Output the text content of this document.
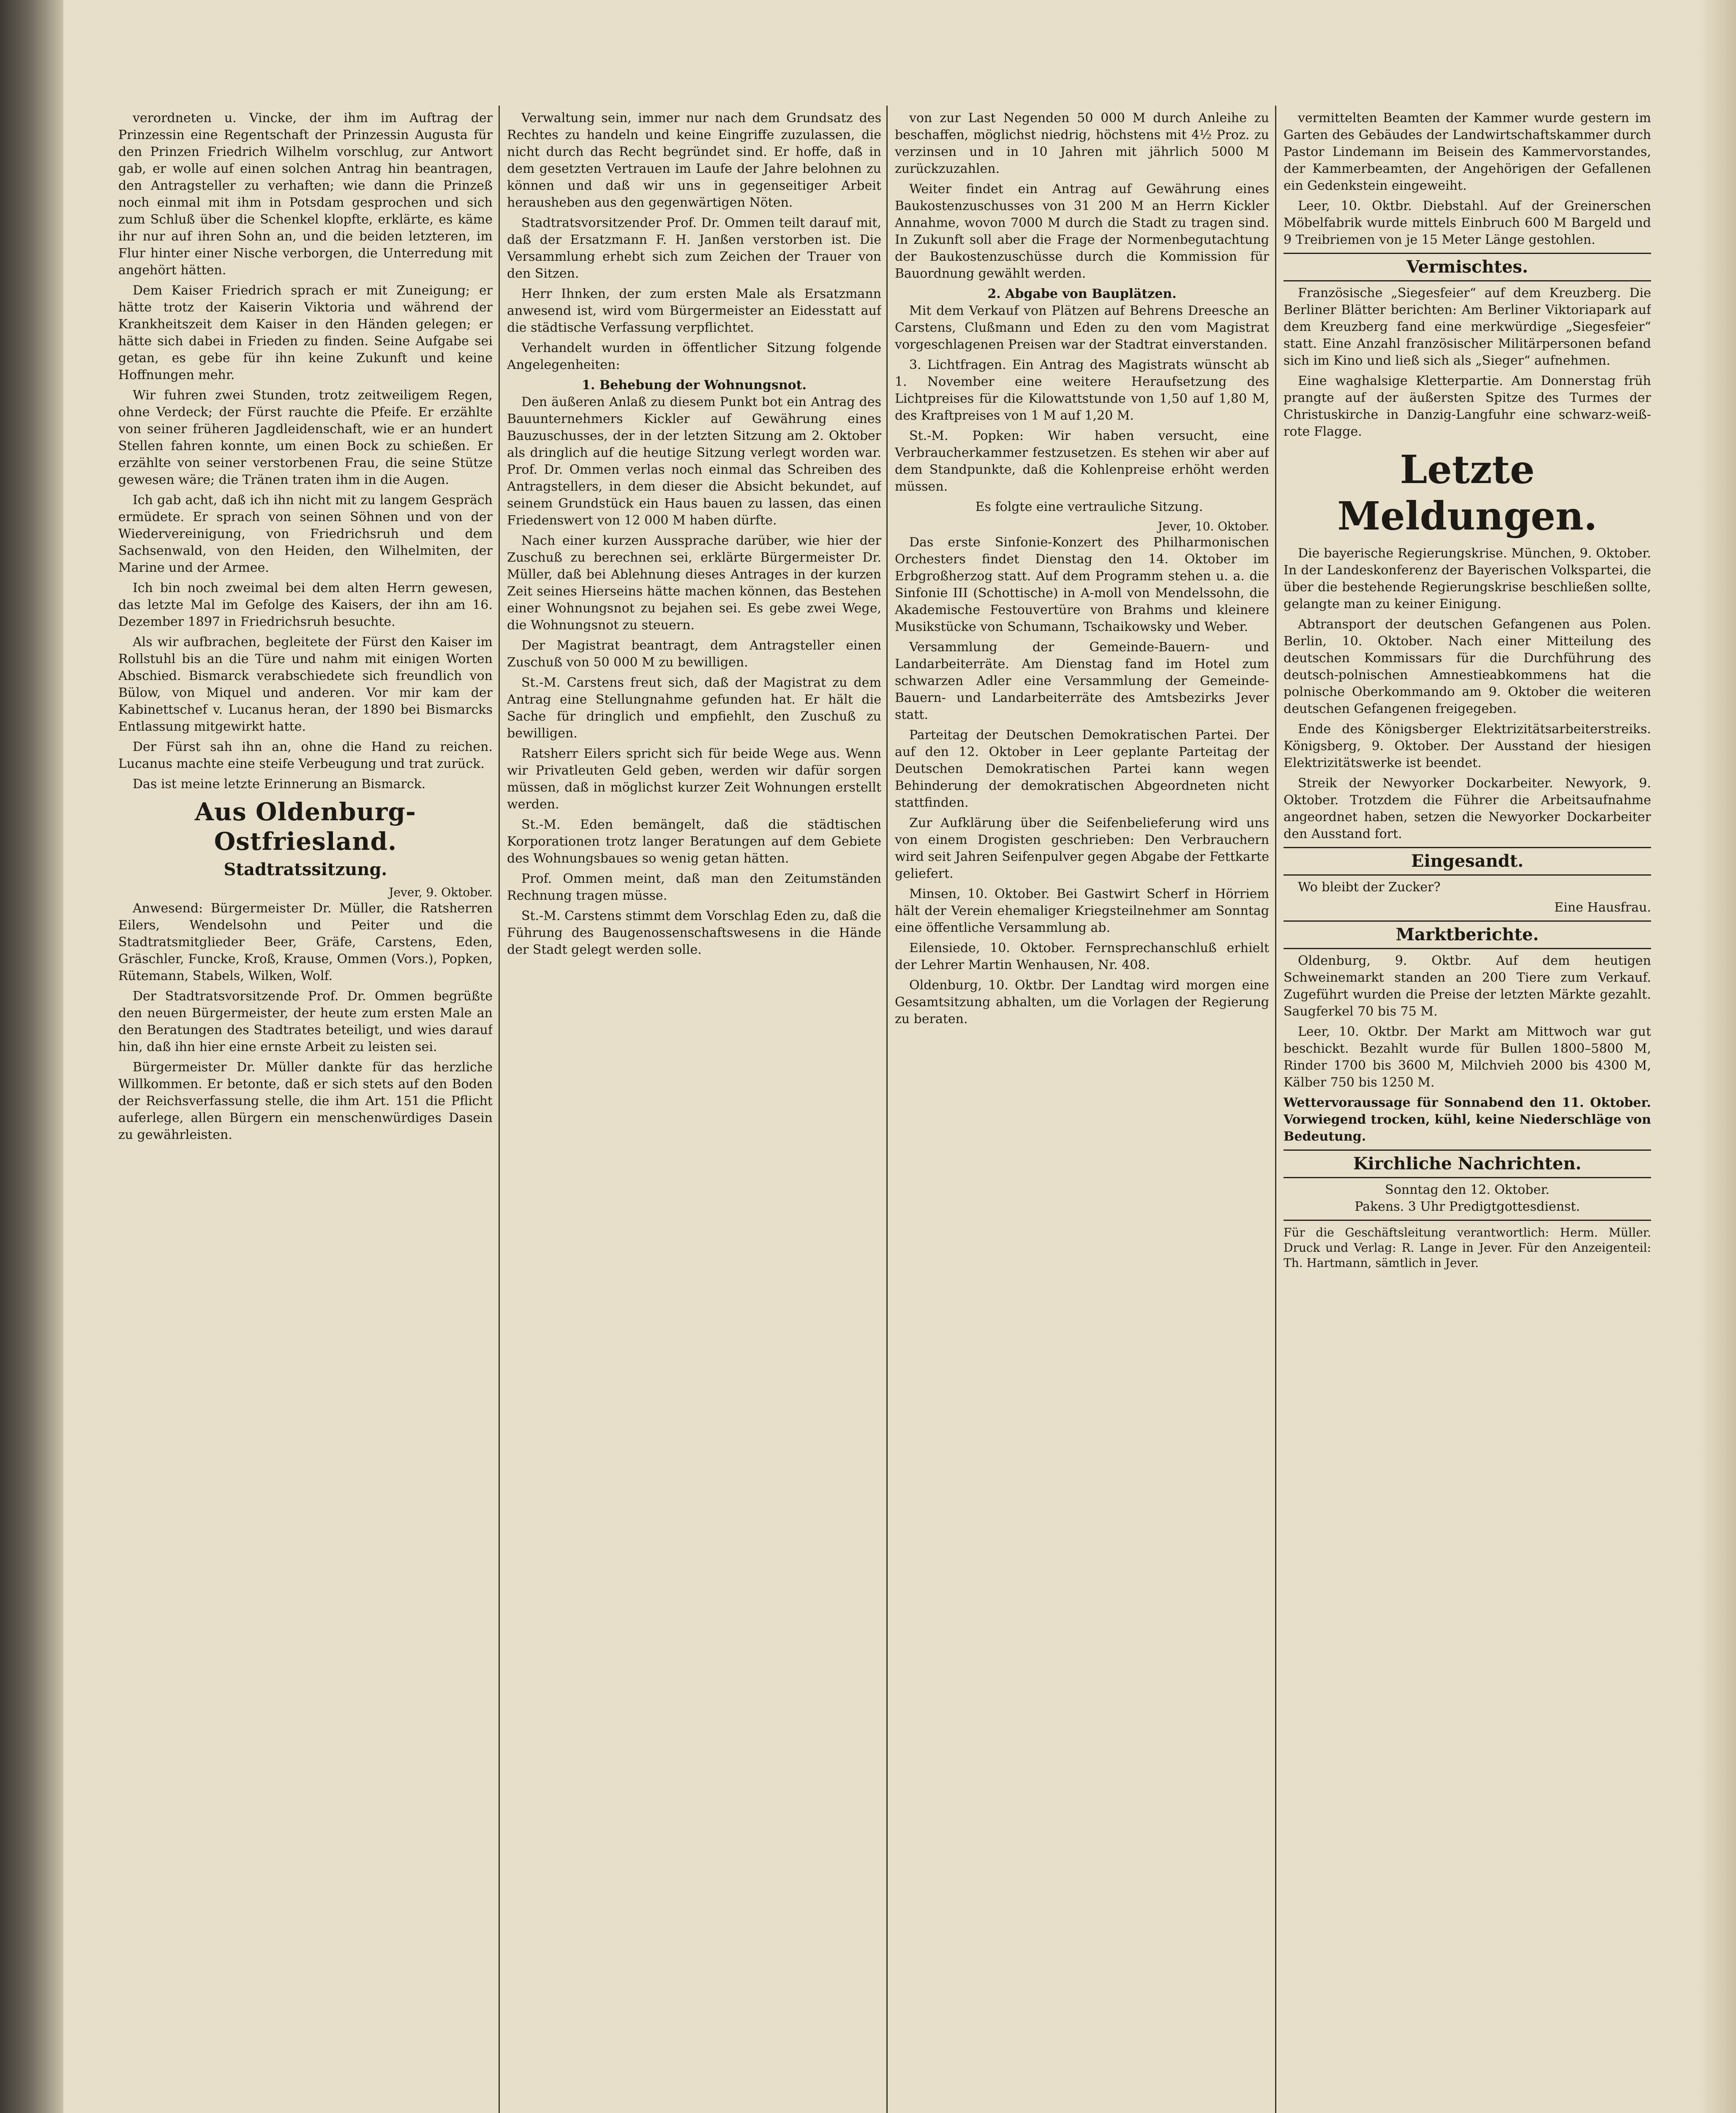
verordneten u. Vincke, der ihm im Auftrag der Prinzessin eine Regentschaft der Prinzessin Augusta für den Prinzen Friedrich Wilhelm vorschlug, zur Antwort gab, er wolle auf einen solchen Antrag hin beantragen, den Antragsteller zu verhaften; wie dann die Prinzeß noch einmal mit ihm in Potsdam gesprochen und sich zum Schluß über die Schenkel klopfte, erklärte, es käme ihr nur auf ihren Sohn an, und die beiden letzteren, im Flur hinter einer Nische verborgen, die Unterredung mit angehört hätten.

Dem Kaiser Friedrich sprach er mit Zuneigung; er hätte trotz der Kaiserin Viktoria und während der Krankheitszeit dem Kaiser in den Händen gelegen; er hätte sich dabei in Frieden zu finden. Seine Aufgabe sei getan, es gebe für ihn keine Zukunft und keine Hoffnungen mehr.

Wir fuhren zwei Stunden, trotz zeitweiligem Regen, ohne Verdeck; der Fürst rauchte die Pfeife. Er erzählte von seiner früheren Jagdleidenschaft, wie er an hundert Stellen fahren konnte, um einen Bock zu schießen. Er erzählte von seiner verstorbenen Frau, die seine Stütze gewesen wäre; die Tränen traten ihm in die Augen.

Ich gab acht, daß ich ihn nicht mit zu langem Gespräch ermüdete. Er sprach von seinen Söhnen und von der Wiedervereinigung, von Friedrichsruh und dem Sachsenwald, von den Heiden, den Wilhelmiten, der Marine und der Armee.

Ich bin noch zweimal bei dem alten Herrn gewesen, das letzte Mal im Gefolge des Kaisers, der ihn am 16. Dezember 1897 in Friedrichsruh besuchte.

Als wir aufbrachen, begleitete der Fürst den Kaiser im Rollstuhl bis an die Türe und nahm mit einigen Worten Abschied. Bismarck verabschiedete sich freundlich von Bülow, von Miquel und anderen. Vor mir kam der Kabinettschef v. Lucanus heran, der 1890 bei Bismarcks Entlassung mitgewirkt hatte.

Der Fürst sah ihn an, ohne die Hand zu reichen. Lucanus machte eine steife Verbeugung und trat zurück.

Das ist meine letzte Erinnerung an Bismarck.

Aus Oldenburg-Ostfriesland.
Stadtratssitzung.
Jever, 9. Oktober.

Anwesend: Bürgermeister Dr. Müller, die Ratsherren Eilers, Wendelsohn und Peiter und die Stadtratsmitglieder Beer, Gräfe, Carstens, Eden, Gräschler, Funcke, Kroß, Krause, Ommen (Vors.), Popken, Rütemann, Stabels, Wilken, Wolf.

Der Stadtratsvorsitzende Prof. Dr. Ommen begrüßte den neuen Bürgermeister, der heute zum ersten Male an den Beratungen des Stadtrates beteiligt, und wies darauf hin, daß ihn hier eine ernste Arbeit zu leisten sei.

Bürgermeister Dr. Müller dankte für das herzliche Willkommen. Er betonte, daß er sich stets auf den Boden der Reichsverfassung stelle, die ihm Art. 151 die Pflicht auferlege, allen Bürgern ein menschenwürdiges Dasein zu gewährleisten.

Verwaltung sein, immer nur nach dem Grundsatz des Rechtes zu handeln und keine Eingriffe zuzulassen, die nicht durch das Recht begründet sind. Er hoffe, daß in dem gesetzten Vertrauen im Laufe der Jahre belohnen zu können und daß wir uns in gegenseitiger Arbeit herausheben aus den gegenwärtigen Nöten.

Stadtratsvorsitzender Prof. Dr. Ommen teilt darauf mit, daß der Ersatzmann F. H. Janßen verstorben ist. Die Versammlung erhebt sich zum Zeichen der Trauer von den Sitzen.

Herr Ihnken, der zum ersten Male als Ersatzmann anwesend ist, wird vom Bürgermeister an Eidesstatt auf die städtische Verfassung verpflichtet.

Verhandelt wurden in öffentlicher Sitzung folgende Angelegenheiten:

1. Behebung der Wohnungsnot.

Den äußeren Anlaß zu diesem Punkt bot ein Antrag des Bauunternehmers Kickler auf Gewährung eines Bauzuschusses, der in der letzten Sitzung am 2. Oktober als dringlich auf die heutige Sitzung verlegt worden war. Prof. Dr. Ommen verlas noch einmal das Schreiben des Antragstellers, in dem dieser die Absicht bekundet, auf seinem Grundstück ein Haus bauen zu lassen, das einen Friedenswert von 12 000 M haben dürfte.

Nach einer kurzen Aussprache darüber, wie hier der Zuschuß zu berechnen sei, erklärte Bürgermeister Dr. Müller, daß bei Ablehnung dieses Antrages in der kurzen Zeit seines Hierseins hätte machen können, das Bestehen einer Wohnungsnot zu bejahen sei. Es gebe zwei Wege, die Wohnungsnot zu steuern.

Der Magistrat beantragt, dem Antragsteller einen Zuschuß von 50 000 M zu bewilligen.

St.-M. Carstens freut sich, daß der Magistrat zu dem Antrag eine Stellungnahme gefunden hat. Er hält die Sache für dringlich und empfiehlt, den Zuschuß zu bewilligen.

Ratsherr Eilers spricht sich für beide Wege aus. Wenn wir Privatleuten Geld geben, werden wir dafür sorgen müssen, daß in möglichst kurzer Zeit Wohnungen erstellt werden.

St.-M. Eden bemängelt, daß die städtischen Korporationen trotz langer Beratungen auf dem Gebiete des Wohnungsbaues so wenig getan hätten.

Prof. Ommen meint, daß man den Zeitumständen Rechnung tragen müsse.

St.-M. Carstens stimmt dem Vorschlag Eden zu, daß die Führung des Baugenossenschaftswesens in die Hände der Stadt gelegt werden solle.

von zur Last Negenden 50 000 M durch Anleihe zu beschaffen, möglichst niedrig, höchstens mit 4½ Proz. zu verzinsen und in 10 Jahren mit jährlich 5000 M zurückzuzahlen.

Weiter findet ein Antrag auf Gewährung eines Baukostenzuschusses von 31 200 M an Herrn Kickler Annahme, wovon 7000 M durch die Stadt zu tragen sind. In Zukunft soll aber die Frage der Normenbegutachtung der Baukostenzuschüsse durch die Kommission für Bauordnung gewählt werden.

2. Abgabe von Bauplätzen.

Mit dem Verkauf von Plätzen auf Behrens Dreesche an Carstens, Clußmann und Eden zu den vom Magistrat vorgeschlagenen Preisen war der Stadtrat einverstanden.

3. Lichtfragen. Ein Antrag des Magistrats wünscht ab 1. November eine weitere Heraufsetzung des Lichtpreises für die Kilowattstunde von 1,50 auf 1,80 M, des Kraftpreises von 1 M auf 1,20 M.

St.-M. Popken: Wir haben versucht, eine Verbraucherkammer festzusetzen. Es stehen wir aber auf dem Standpunkte, daß die Kohlenpreise erhöht werden müssen.

Es folgte eine vertrauliche Sitzung.

Jever, 10. Oktober.

Das erste Sinfonie-Konzert des Philharmonischen Orchesters findet Dienstag den 14. Oktober im Erbgroßherzog statt. Auf dem Programm stehen u. a. die Sinfonie III (Schottische) in A-moll von Mendelssohn, die Akademische Festouvertüre von Brahms und kleinere Musikstücke von Schumann, Tschaikowsky und Weber.

Versammlung der Gemeinde-Bauern- und Landarbeiterräte. Am Dienstag fand im Hotel zum schwarzen Adler eine Versammlung der Gemeinde-Bauern- und Landarbeiterräte des Amtsbezirks Jever statt.

Parteitag der Deutschen Demokratischen Partei. Der auf den 12. Oktober in Leer geplante Parteitag der Deutschen Demokratischen Partei kann wegen Behinderung der demokratischen Abgeordneten nicht stattfinden.

Zur Aufklärung über die Seifenbelieferung wird uns von einem Drogisten geschrieben: Den Verbrauchern wird seit Jahren Seifenpulver gegen Abgabe der Fettkarte geliefert.

Minsen, 10. Oktober. Bei Gastwirt Scherf in Hörriem hält der Verein ehemaliger Kriegsteilnehmer am Sonntag eine öffentliche Versammlung ab.

Eilensiede, 10. Oktober. Fernsprechanschluß erhielt der Lehrer Martin Wenhausen, Nr. 408.

Oldenburg, 10. Oktbr. Der Landtag wird morgen eine Gesamtsitzung abhalten, um die Vorlagen der Regierung zu beraten.

vermittelten Beamten der Kammer wurde gestern im Garten des Gebäudes der Landwirtschaftskammer durch Pastor Lindemann im Beisein des Kammervorstandes, der Kammerbeamten, der Angehörigen der Gefallenen ein Gedenkstein eingeweiht.

Leer, 10. Oktbr. Diebstahl. Auf der Greinerschen Möbelfabrik wurde mittels Einbruch 600 M Bargeld und 9 Treibriemen von je 15 Meter Länge gestohlen.

Vermischtes.

Französische „Siegesfeier“ auf dem Kreuzberg. Die Berliner Blätter berichten: Am Berliner Viktoriapark auf dem Kreuzberg fand eine merkwürdige „Siegesfeier“ statt. Eine Anzahl französischer Militärpersonen befand sich im Kino und ließ sich als „Sieger“ aufnehmen.

Eine waghalsige Kletterpartie. Am Donnerstag früh prangte auf der äußersten Spitze des Turmes der Christuskirche in Danzig-Langfuhr eine schwarz-weiß-rote Flagge.

Letzte Meldungen.

Die bayerische Regierungskrise. München, 9. Oktober. In der Landeskonferenz der Bayerischen Volkspartei, die über die bestehende Regierungskrise beschließen sollte, gelangte man zu keiner Einigung.

Abtransport der deutschen Gefangenen aus Polen. Berlin, 10. Oktober. Nach einer Mitteilung des deutschen Kommissars für die Durchführung des deutsch-polnischen Amnestieabkommens hat die polnische Oberkommando am 9. Oktober die weiteren deutschen Gefangenen freigegeben.

Ende des Königsberger Elektrizitätsarbeiterstreiks. Königsberg, 9. Oktober. Der Ausstand der hiesigen Elektrizitätswerke ist beendet.

Streik der Newyorker Dockarbeiter. Newyork, 9. Oktober. Trotzdem die Führer die Arbeitsaufnahme angeordnet haben, setzen die Newyorker Dockarbeiter den Ausstand fort.

Eingesandt.

Wo bleibt der Zucker?

Eine Hausfrau.
Marktberichte.

Oldenburg, 9. Oktbr. Auf dem heutigen Schweinemarkt standen an 200 Tiere zum Verkauf. Zugeführt wurden die Preise der letzten Märkte gezahlt. Saugferkel 70 bis 75 M.

Leer, 10. Oktbr. Der Markt am Mittwoch war gut beschickt. Bezahlt wurde für Bullen 1800–5800 M, Rinder 1700 bis 3600 M, Milchvieh 2000 bis 4300 M, Kälber 750 bis 1250 M.

Wettervoraussage für Sonnabend den 11. Oktober. Vorwiegend trocken, kühl, keine Niederschläge von Bedeutung.

Kirchliche Nachrichten.
Sonntag den 12. Oktober.
Pakens. 3 Uhr Predigtgottesdienst.
Für die Geschäftsleitung verantwortlich: Herm. Müller. Druck und Verlag: R. Lange in Jever. Für den Anzeigenteil: Th. Hartmann, sämtlich in Jever.
